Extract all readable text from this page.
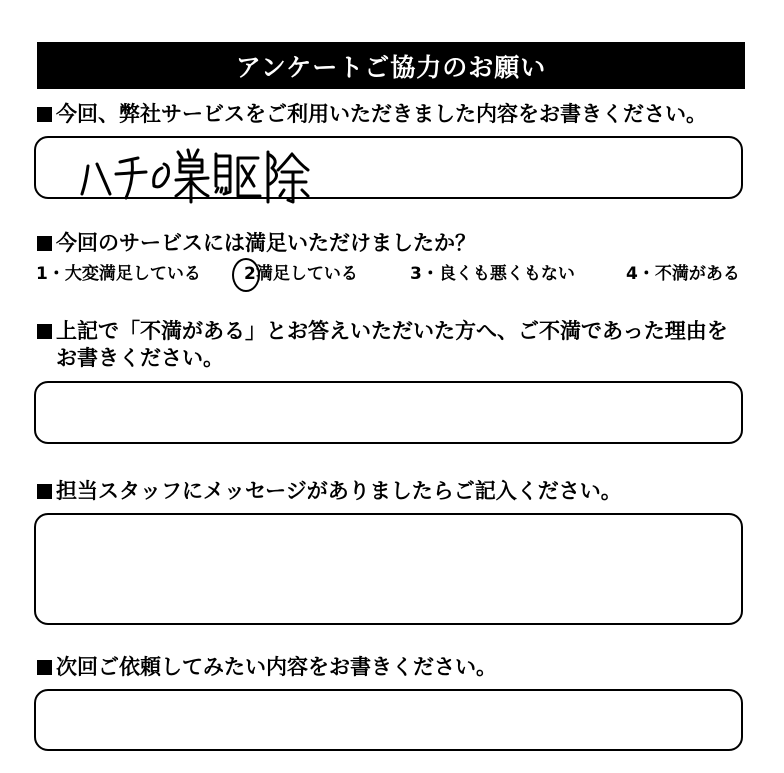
アンケートご協力のお願い
今回、弊社サービスをご利用いただきました内容をお書きください。
今回のサービスには満足いただけましたか？
1・大変満足している	2満足している	3・良くも悪くもない	4・不満がある
上記で「不満がある」とお答えいただいた方へ、ご不満であった理由を
お書きください。
担当スタッフにメッセージがありましたらご記入ください。
次回ご依頼してみたい内容をお書きください。
